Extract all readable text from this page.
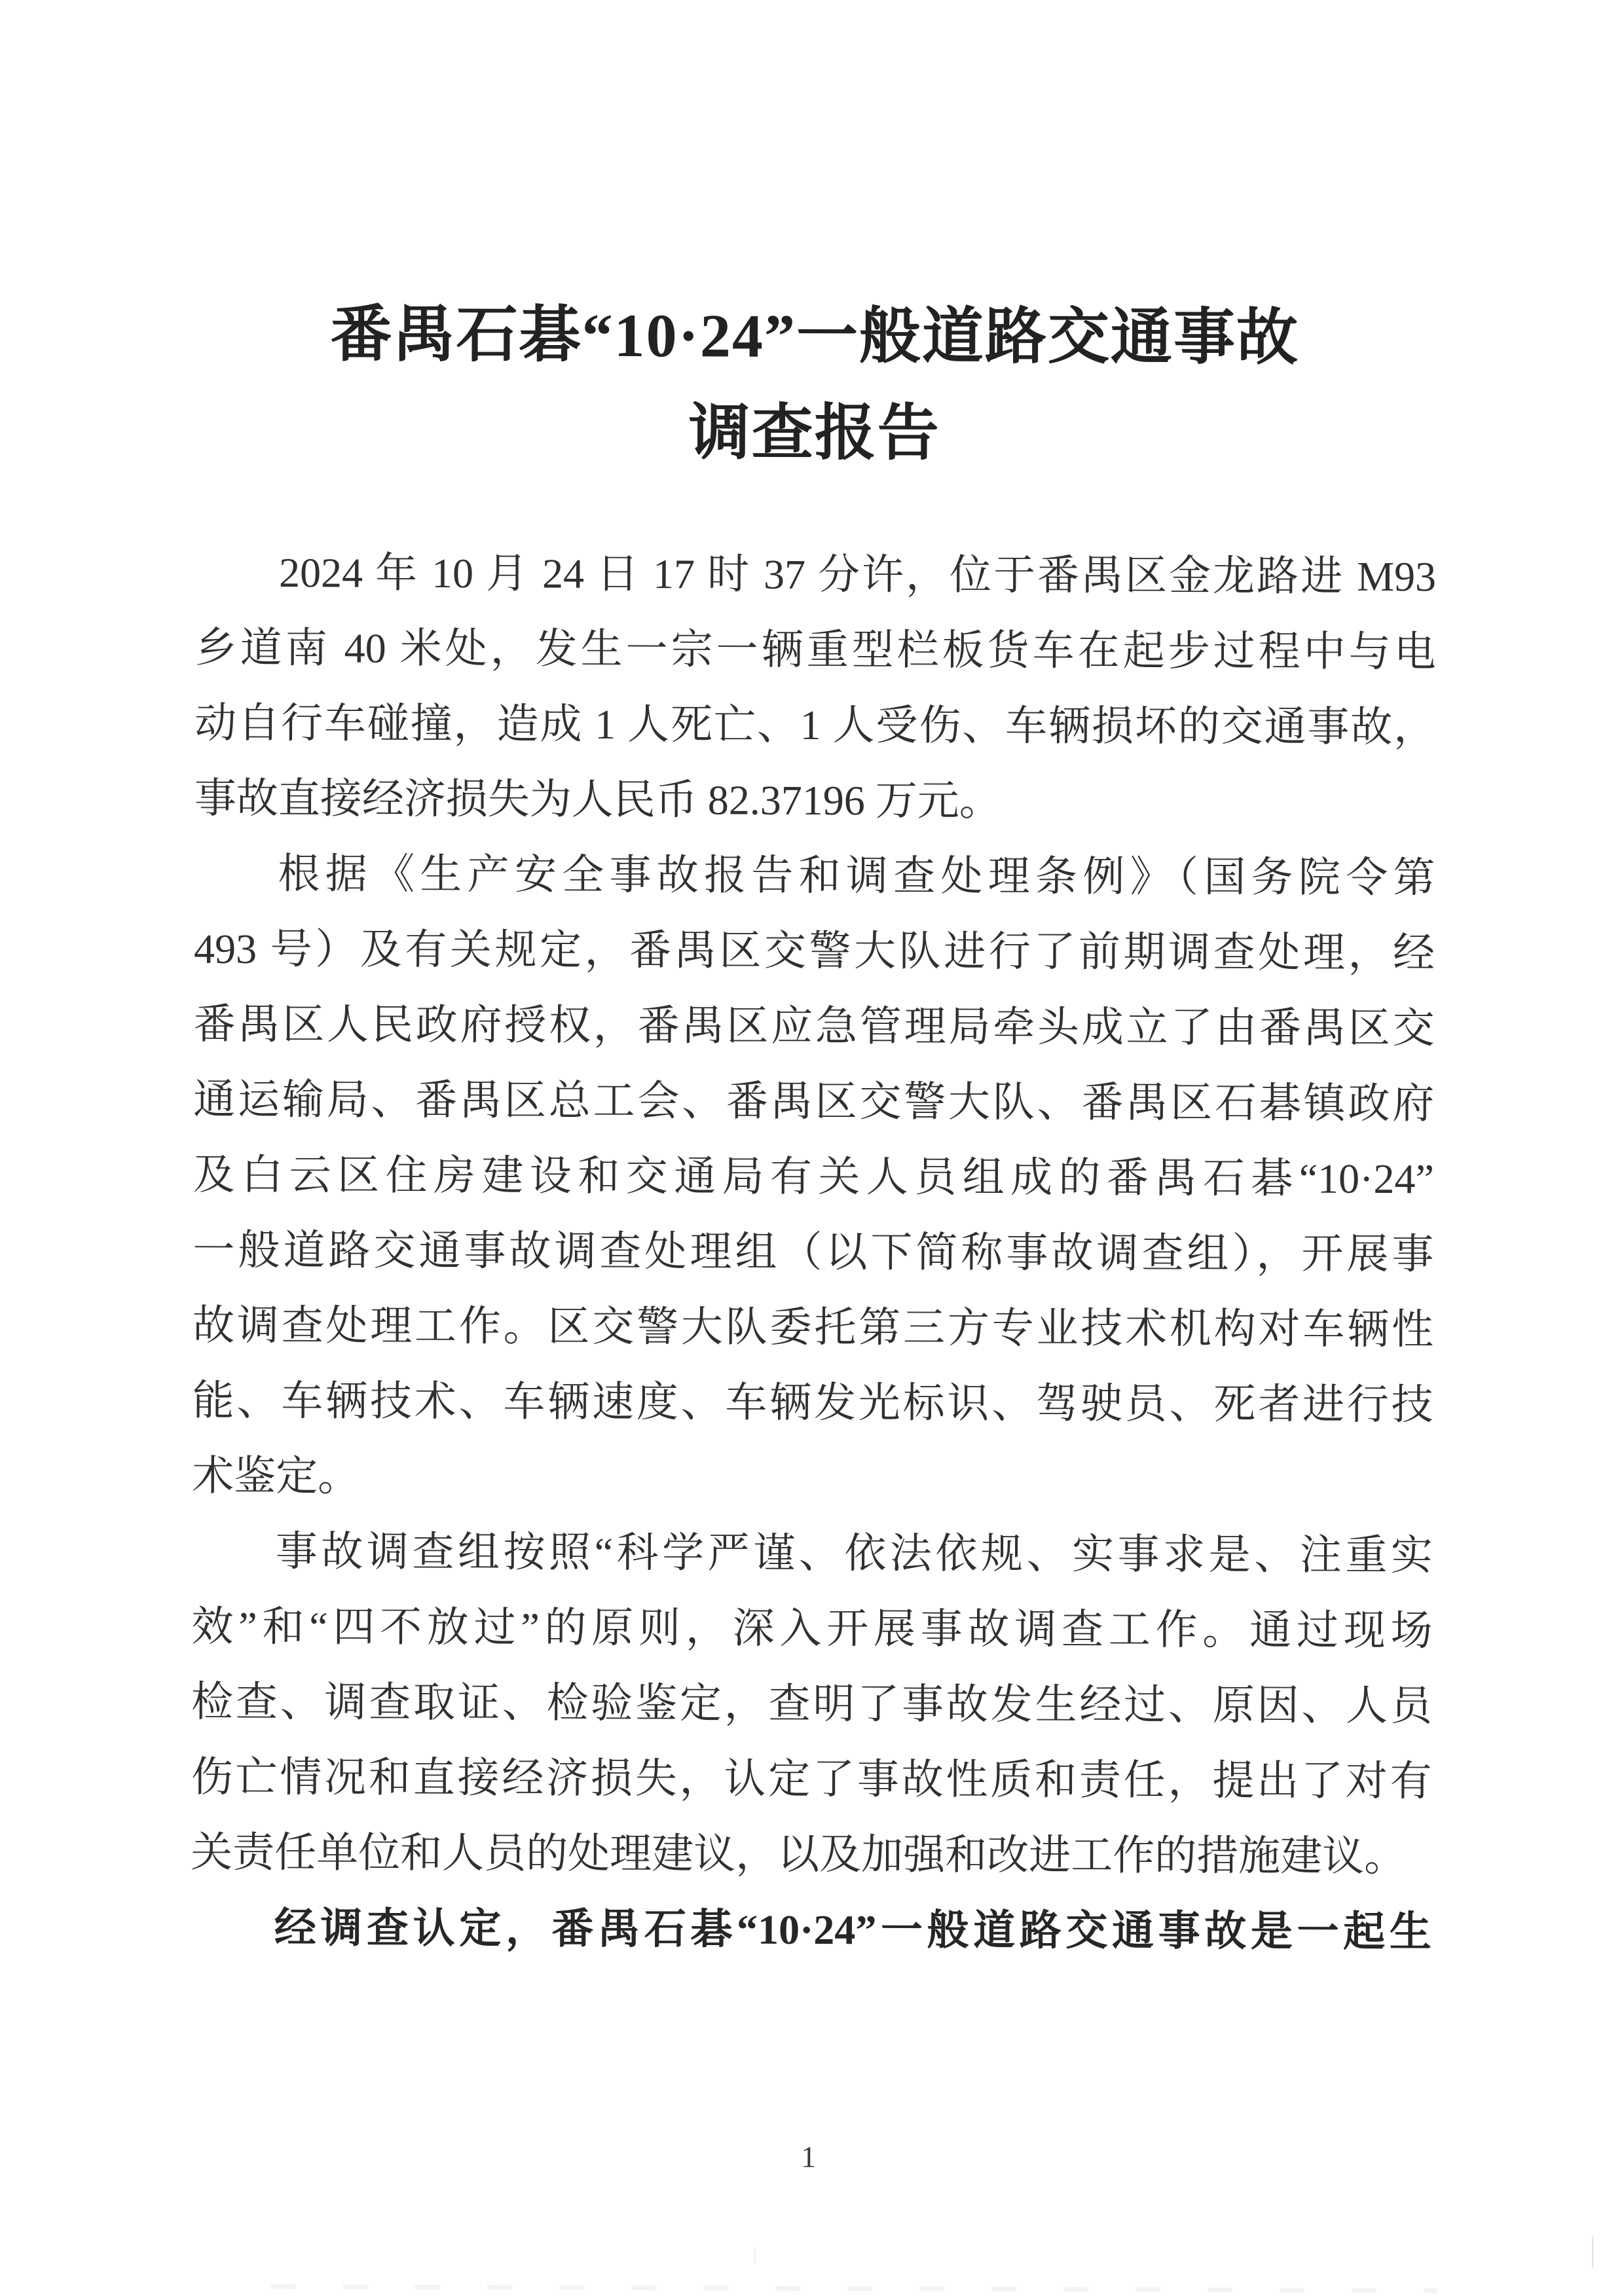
番禺石碁“10·24”一般道路交通事故
调查报告
2024 年 10 月 24 日 17 时 37 分许，位于番禺区金龙路进 M93
乡道南 40 米处，发生一宗一辆重型栏板货车在起步过程中与电
动自行车碰撞，造成 1 人死亡、1 人受伤、车辆损坏的交通事故，
事故直接经济损失为人民币 82.37196 万元。
根据《生产安全事故报告和调查处理条例》（国务院令第
493 号）及有关规定，番禺区交警大队进行了前期调查处理，经
番禺区人民政府授权，番禺区应急管理局牵头成立了由番禺区交
通运输局、番禺区总工会、番禺区交警大队、番禺区石碁镇政府
及白云区住房建设和交通局有关人员组成的番禺石碁“10·24”
一般道路交通事故调查处理组（以下简称事故调查组），开展事
故调查处理工作。区交警大队委托第三方专业技术机构对车辆性
能、车辆技术、车辆速度、车辆发光标识、驾驶员、死者进行技
术鉴定。
事故调查组按照“科学严谨、依法依规、实事求是、注重实
效”和“四不放过”的原则，深入开展事故调查工作。通过现场
检查、调查取证、检验鉴定，查明了事故发生经过、原因、人员
伤亡情况和直接经济损失，认定了事故性质和责任，提出了对有
关责任单位和人员的处理建议，以及加强和改进工作的措施建议。
经调查认定，番禺石碁“10·24”一般道路交通事故是一起生
1
